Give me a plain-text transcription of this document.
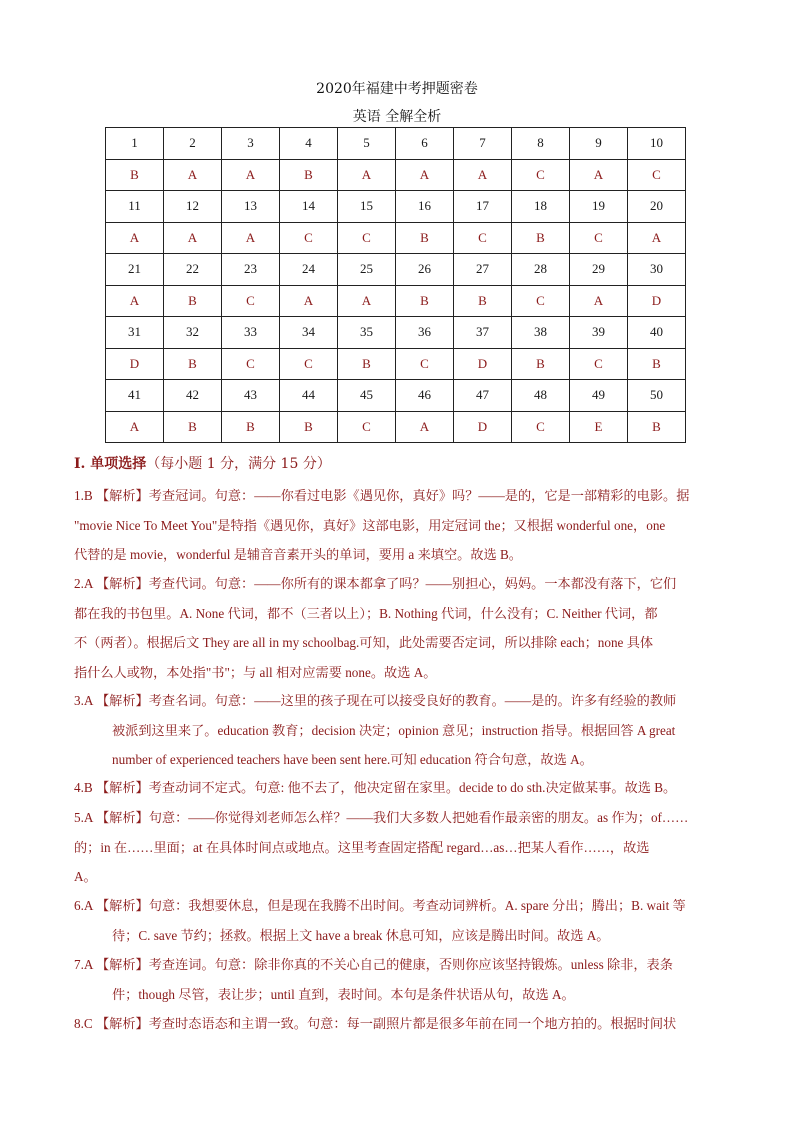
2020年福建中考押题密卷
英语 全解全析
1	2	3	4	5	6	7	8	9	10
B	A	A	B	A	A	A	C	A	C
11	12	13	14	15	16	17	18	19	20
A	A	A	C	C	B	C	B	C	A
21	22	23	24	25	26	27	28	29	30
A	B	C	A	A	B	B	C	A	D
31	32	33	34	35	36	37	38	39	40
D	B	C	C	B	C	D	B	C	B
41	42	43	44	45	46	47	48	49	50
A	B	B	B	C	A	D	C	E	B
I. 单项选择（每小题 1 分，满分 15 分）
1.B 【解析】考查冠词。句意：——你看过电影《遇见你，真好》吗？——是的，它是一部精彩的电影。据
"movie Nice To Meet You"是特指《遇见你，真好》这部电影，用定冠词 the；又根据 wonderful one，one
代替的是 movie，wonderful 是辅音音素开头的单词，要用 a 来填空。故选 B。
2.A 【解析】考查代词。句意：——你所有的课本都拿了吗？——别担心，妈妈。一本都没有落下，它们
都在我的书包里。A. None 代词，都不（三者以上）；B. Nothing 代词，什么没有；C. Neither 代词，都
不（两者）。根据后文 They are all in my schoolbag.可知，此处需要否定词，所以排除 each；none 具体
指什么人或物，本处指"书"；与 all 相对应需要 none。故选 A。
3.A 【解析】考查名词。句意：——这里的孩子现在可以接受良好的教育。——是的。许多有经验的教师
被派到这里来了。education 教育；decision 决定；opinion 意见；instruction 指导。根据回答 A great
number of experienced teachers have been sent here.可知 education 符合句意，故选 A。
4.B 【解析】考查动词不定式。句意: 他不去了，他决定留在家里。decide to do sth.决定做某事。故选 B。
5.A 【解析】句意：——你觉得刘老师怎么样？——我们大多数人把她看作最亲密的朋友。as 作为；of……
的；in 在……里面；at 在具体时间点或地点。这里考查固定搭配 regard…as…把某人看作……，故选
A。
6.A 【解析】句意：我想要休息，但是现在我腾不出时间。考查动词辨析。A. spare 分出；腾出；B. wait 等
待；C. save 节约；拯救。根据上文 have a break 休息可知，应该是腾出时间。故选 A。
7.A 【解析】考查连词。句意：除非你真的不关心自己的健康，否则你应该坚持锻炼。unless 除非，表条
件；though 尽管，表让步；until 直到，表时间。本句是条件状语从句，故选 A。
8.C 【解析】考查时态语态和主谓一致。句意：每一副照片都是很多年前在同一个地方拍的。根据时间状
